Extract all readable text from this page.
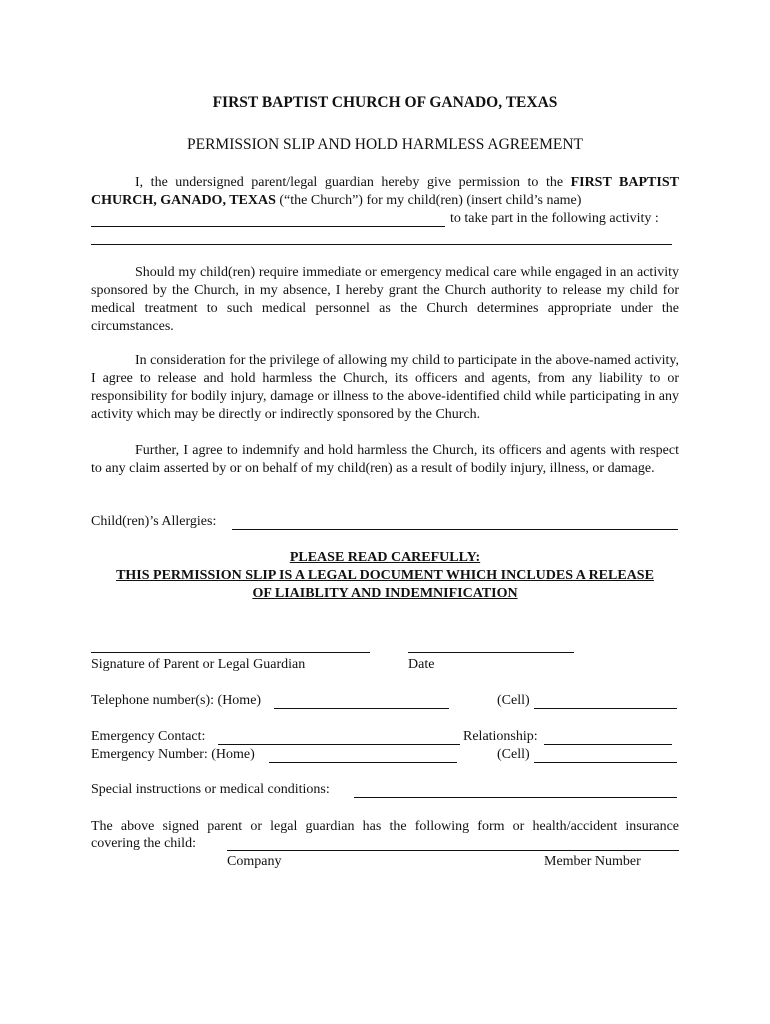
FIRST BAPTIST CHURCH OF GANADO, TEXAS
PERMISSION SLIP AND HOLD HARMLESS AGREEMENT
I, the undersigned parent/legal guardian hereby give permission to the FIRST BAPTIST CHURCH, GANADO, TEXAS (“the Church”) for my child(ren) (insert child’s name)
to take part in the following activity :
Should my child(ren) require immediate or emergency medical care while engaged in an activity sponsored by the Church, in my absence, I hereby grant the Church authority to release my child for medical treatment to such medical personnel as the Church determines appropriate under the circumstances.
In consideration for the privilege of allowing my child to participate in the above-named activity, I agree to release and hold harmless the Church, its officers and agents, from any liability to or responsibility for bodily injury, damage or illness to the above-identified child while participating in any activity which may be directly or indirectly sponsored by the Church.
Further, I agree to indemnify and hold harmless the Church, its officers and agents with respect to any claim asserted by or on behalf of my child(ren) as a result of bodily injury, illness, or damage.
Child(ren)’s Allergies:
PLEASE READ CAREFULLY:
THIS PERMISSION SLIP IS A LEGAL DOCUMENT WHICH INCLUDES A RELEASE
OF LIAIBLITY AND INDEMNIFICATION
Signature of Parent or Legal Guardian	Date
Telephone number(s): (Home)	(Cell)
Emergency Contact:	Relationship:
Emergency Number: (Home)	(Cell)
Special instructions or medical conditions:
The above signed parent or legal guardian has the following form or health/accident insurance
covering the child:
Company	Member Number
